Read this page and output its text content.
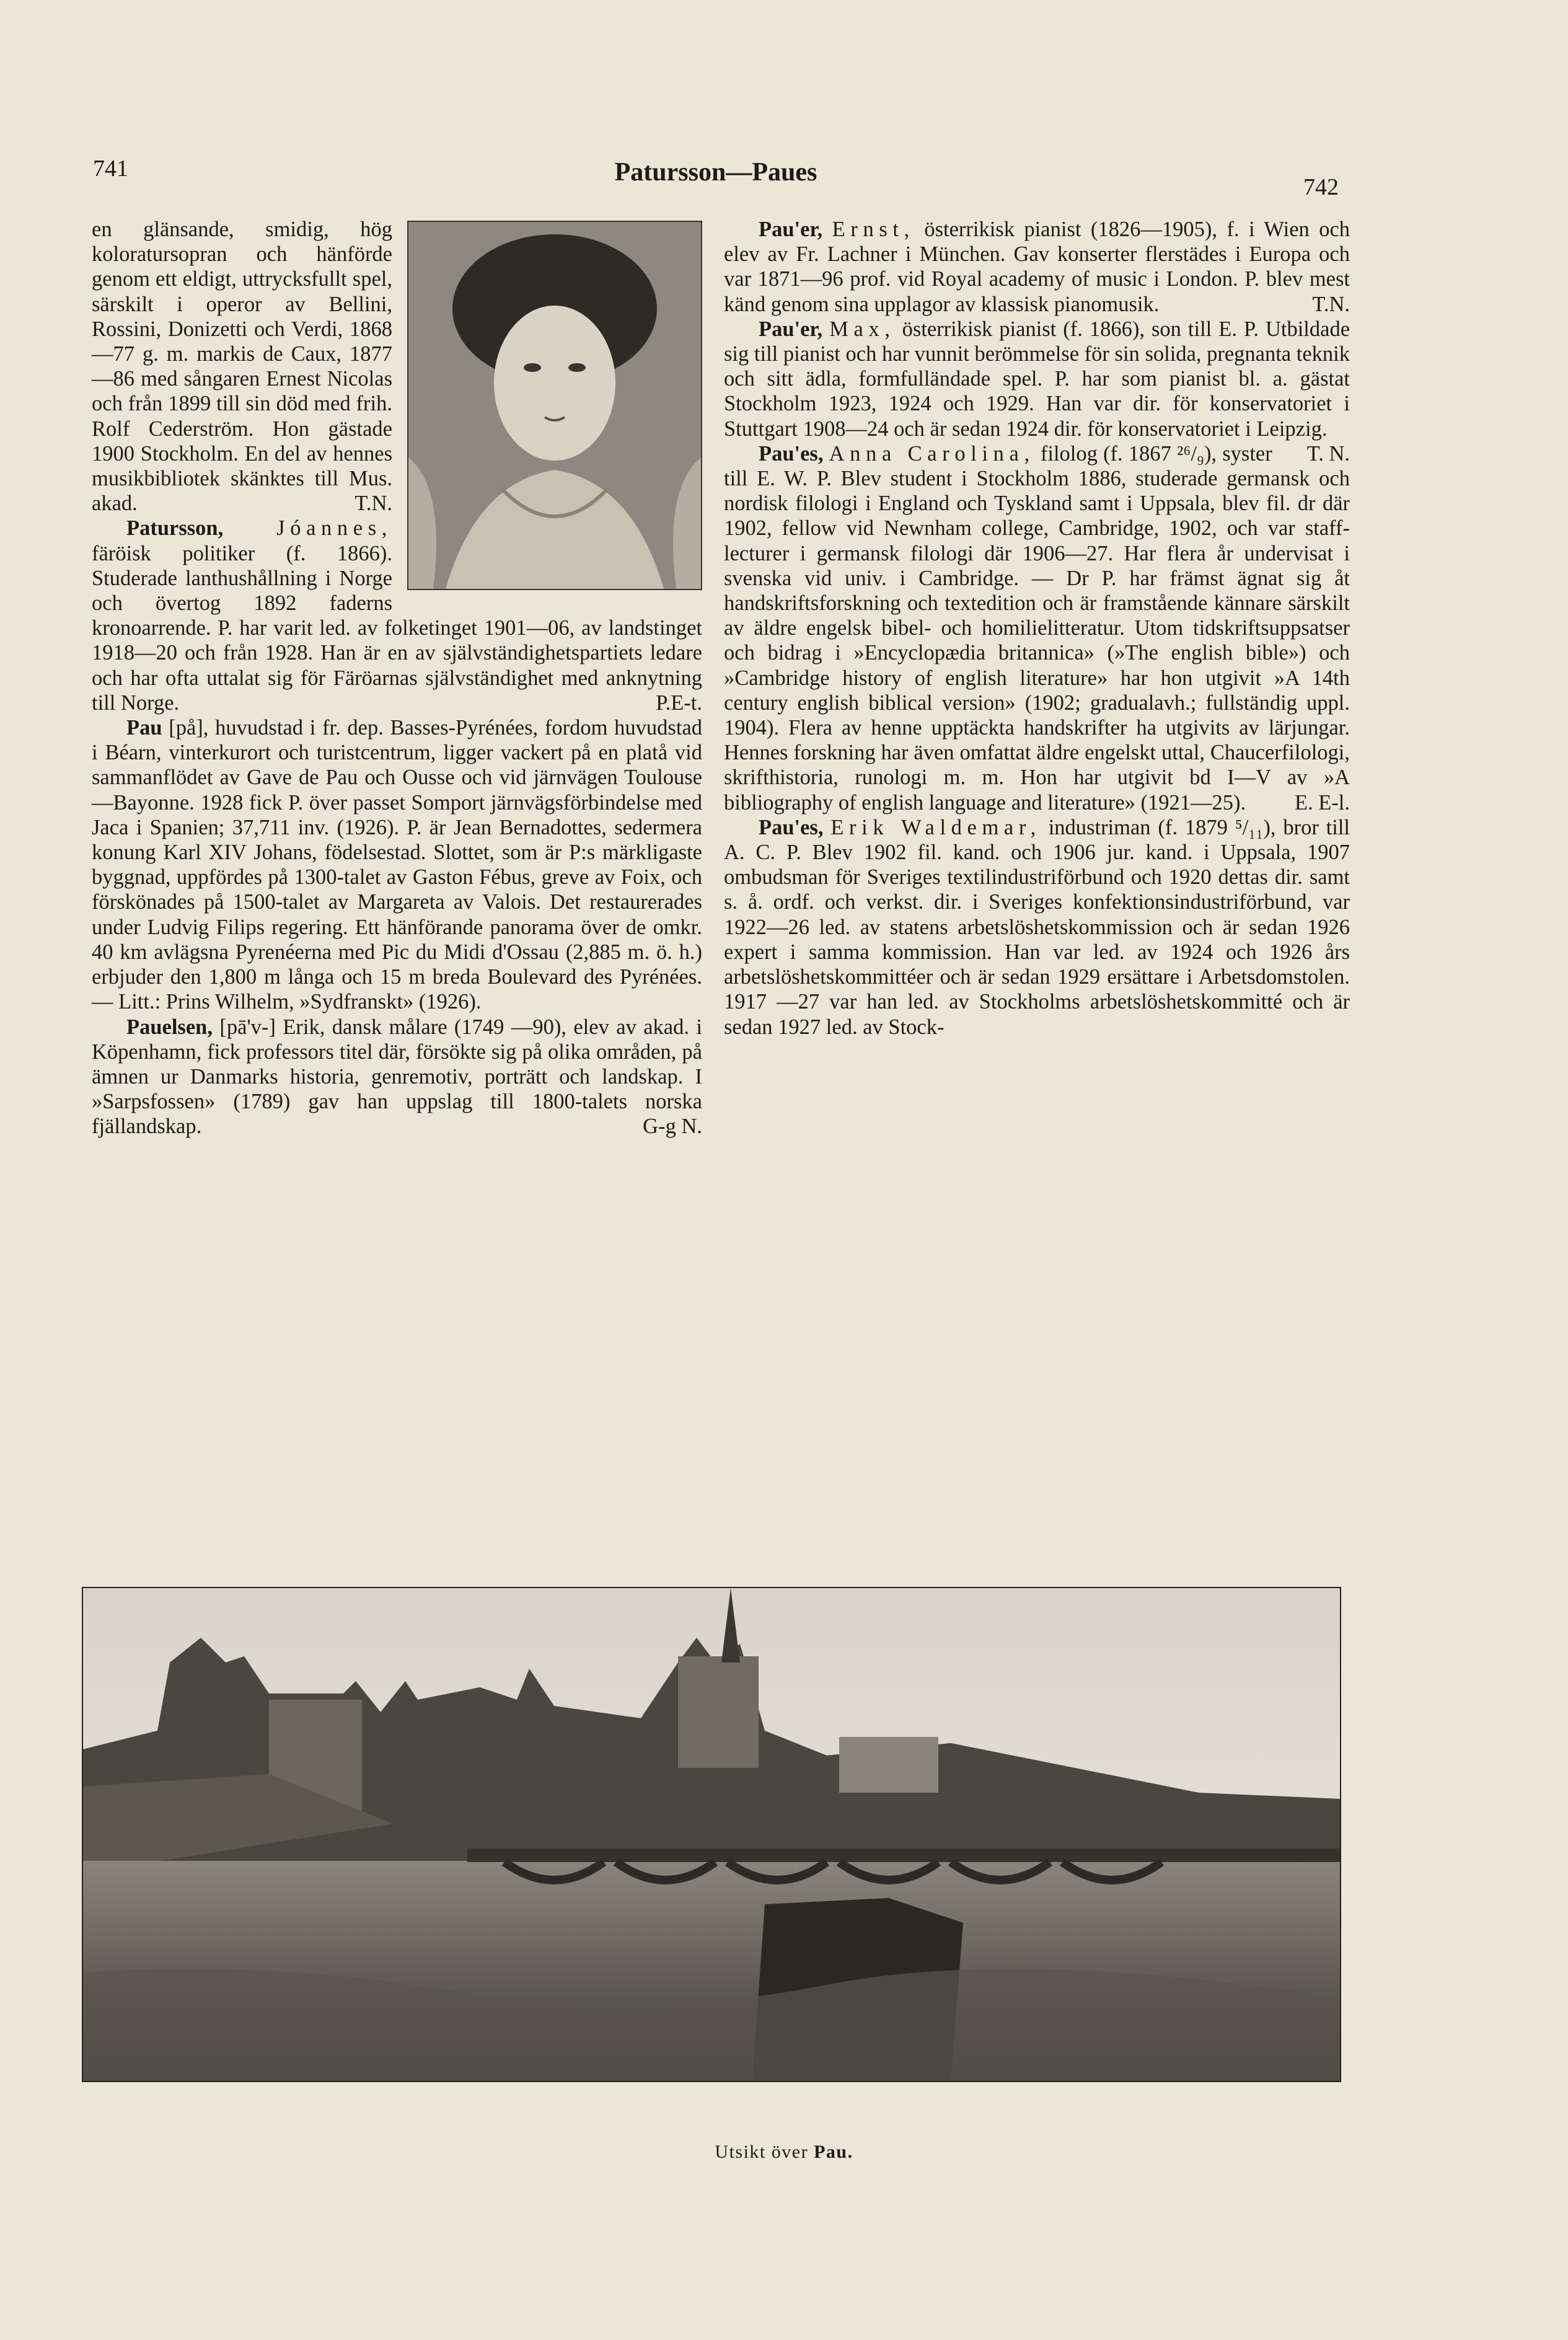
741	Patursson—Paues
742

en glänsande, smidig, hög koloratursopran och hänförde genom ett eldigt, uttrycksfullt spel, särskilt i operor av Bellini, Rossini, Donizetti och Verdi, 1868—77 g. m. markis de Caux, 1877 —86 med sångaren Ernest Nicolas och från 1899 till sin död med frih. Rolf Cederström. Hon gästade 1900 Stockholm. En del av hennes musikbibliotek skänktes till Mus. akad.	T.N.

Patursson, Jóannes, färöisk politiker (f. 1866). Studerade lanthushållning i Norge och övertog 1892 faderns kronoarrende. P. har varit led. av folketinget 1901—06, av landstinget 1918—20 och från 1928. Han är en av självständighetspartiets ledare och har ofta uttalat sig för Färöarnas självständighet med anknytning till Norge.	P.E-t.

Pau [på], huvudstad i fr. dep. Basses-Pyrénées, fordom huvudstad i Béarn, vinterkurort och turistcentrum, ligger vackert på en platå vid sammanflödet av Gave de Pau och Ousse och vid järnvägen Toulouse—Bayonne. 1928 fick P. över passet Somport järnvägsförbindelse med Jaca i Spanien; 37,711 inv. (1926). P. är Jean Bernadottes, sedermera konung Karl XIV Johans, födelsestad. Slottet, som är P:s märkligaste byggnad, uppfördes på 1300-talet av Gaston Fébus, greve av Foix, och förskönades på 1500-talet av Margareta av Valois. Det restaurerades under Ludvig Filips regering. Ett hänförande panorama över de omkr. 40 km avlägsna Pyrenéerna med Pic du Midi d'Ossau (2,885 m. ö. h.) erbjuder den 1,800 m långa och 15 m breda Boulevard des Pyrénées. — Litt.: Prins Wilhelm, »Sydfranskt» (1926).

Pauelsen, [pā'v-] Erik, dansk målare (1749 —90), elev av akad. i Köpenhamn, fick professors titel där, försökte sig på olika områden, på ämnen ur Danmarks historia, genremotiv, porträtt och landskap. I »Sarpsfossen» (1789) gav han uppslag till 1800-talets norska fjällandskap.	G-g N.

Pau'er, Ernst, österrikisk pianist (1826—1905), f. i Wien och elev av Fr. Lachner i München. Gav konserter flerstädes i Europa och var 1871—96 prof. vid Royal academy of music i London. P. blev mest känd genom sina upplagor av klassisk pianomusik.	T.N.

Pau'er, Max, österrikisk pianist (f. 1866), son till E. P. Utbildade sig till pianist och har vunnit berömmelse för sin solida, pregnanta teknik och sitt ädla, formfulländade spel. P. har som pianist bl. a. gästat Stockholm 1923, 1924 och 1929. Han var dir. för konservatoriet i Stuttgart 1908—24 och är sedan 1924 dir. för konservatoriet i Leipzig.
T. N.

Pau'es, Anna Carolina, filolog (f. 1867 ²⁶/₉), syster till E. W. P. Blev student i Stockholm 1886, studerade germansk och nordisk filologi i England och Tyskland samt i Uppsala, blev fil. dr där 1902, fellow vid Newnham college, Cambridge, 1902, och var staff-lecturer i germansk filologi där 1906—27. Har flera år undervisat i svenska vid univ. i Cambridge. — Dr P. har främst ägnat sig åt handskriftsforskning och textedition och är framstående kännare särskilt av äldre engelsk bibel- och homilielitteratur. Utom tidskriftsuppsatser och bidrag i »Encyclopædia britannica» (»The english bible») och »Cambridge history of english literature» har hon utgivit »A 14th century english biblical version» (1902; gradualavh.; fullständig uppl. 1904). Flera av henne upptäckta handskrifter ha utgivits av lärjungar. Hennes forskning har även omfattat äldre engelskt uttal, Chaucerfilologi, skrifthistoria, runologi m. m. Hon har utgivit bd I—V av »A bibliography of english language and literature» (1921—25).	E. E-l.

Pau'es, Erik Waldemar, industriman (f. 1879 ⁵/₁₁), bror till A. C. P. Blev 1902 fil. kand. och 1906 jur. kand. i Uppsala, 1907 ombudsman för Sveriges textilindustriförbund och 1920 dettas dir. samt s. å. ordf. och verkst. dir. i Sveriges konfektionsindustriförbund, var 1922—26 led. av statens arbetslöshetskommission och är sedan 1926 expert i samma kommission. Han var led. av 1924 och 1926 års arbetslöshetskommittéer och är sedan 1929 ersättare i Arbetsdomstolen. 1917 —27 var han led. av Stockholms arbetslöshetskommitté och är sedan 1927 led. av Stock-

Utsikt över Pau.
